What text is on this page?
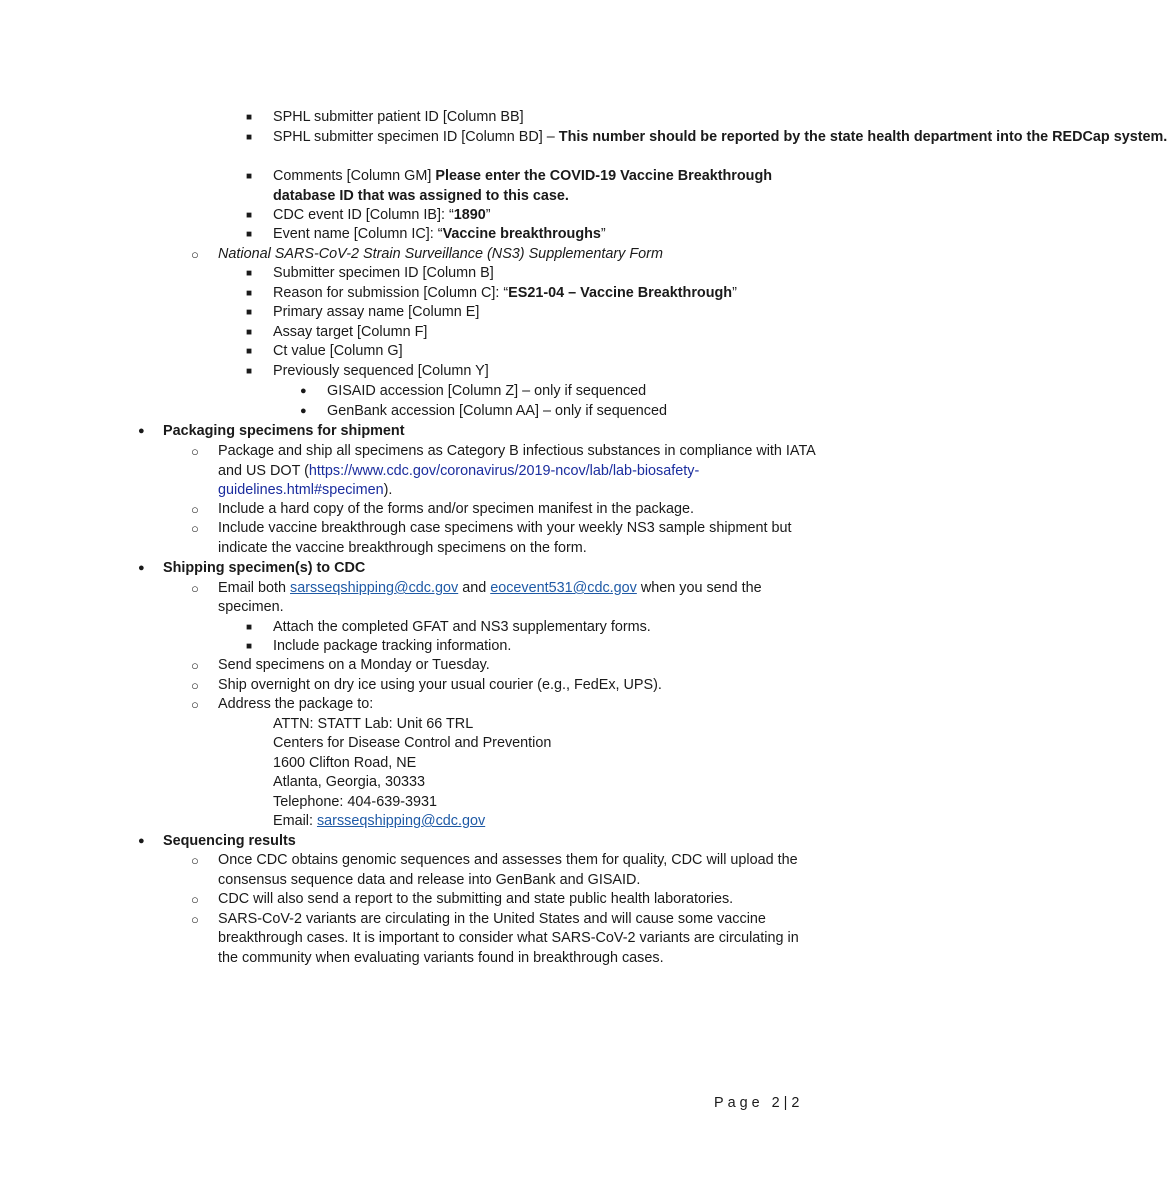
■ SPHL submitter patient ID [Column BB]
■ SPHL submitter specimen ID [Column BD] – This number should be reported by the state health department into the REDCap system.
■ Comments [Column GM] Please enter the COVID-19 Vaccine Breakthrough database ID that was assigned to this case.
■ CDC event ID [Column IB]: “1890”
■ Event name [Column IC]: “Vaccine breakthroughs”
○ National SARS-CoV-2 Strain Surveillance (NS3) Supplementary Form
■ Submitter specimen ID [Column B]
■ Reason for submission [Column C]: “ES21-04 – Vaccine Breakthrough”
■ Primary assay name [Column E]
■ Assay target [Column F]
■ Ct value [Column G]
■ Previously sequenced [Column Y]
● GISAID accession [Column Z] – only if sequenced
● GenBank accession [Column AA] – only if sequenced
● Packaging specimens for shipment
○ Package and ship all specimens as Category B infectious substances in compliance with IATA
and US DOT (https://www.cdc.gov/coronavirus/2019-ncov/lab/lab-biosafety-
guidelines.html#specimen).
○ Include a hard copy of the forms and/or specimen manifest in the package.
○ Include vaccine breakthrough case specimens with your weekly NS3 sample shipment but
indicate the vaccine breakthrough specimens on the form.
● Shipping specimen(s) to CDC
○ Email both sarsseqshipping@cdc.gov and eocevent531@cdc.gov when you send the
specimen.
■ Attach the completed GFAT and NS3 supplementary forms.
■ Include package tracking information.
○ Send specimens on a Monday or Tuesday.
○ Ship overnight on dry ice using your usual courier (e.g., FedEx, UPS).
○ Address the package to:
ATTN: STATT Lab: Unit 66 TRL
Centers for Disease Control and Prevention
1600 Clifton Road, NE
Atlanta, Georgia, 30333
Telephone: 404-639-3931
Email: sarsseqshipping@cdc.gov
● Sequencing results
○ Once CDC obtains genomic sequences and assesses them for quality, CDC will upload the
consensus sequence data and release into GenBank and GISAID.
○ CDC will also send a report to the submitting and state public health laboratories.
○ SARS-CoV-2 variants are circulating in the United States and will cause some vaccine
breakthrough cases. It is important to consider what SARS-CoV-2 variants are circulating in
the community when evaluating variants found in breakthrough cases.
Page 2|2
